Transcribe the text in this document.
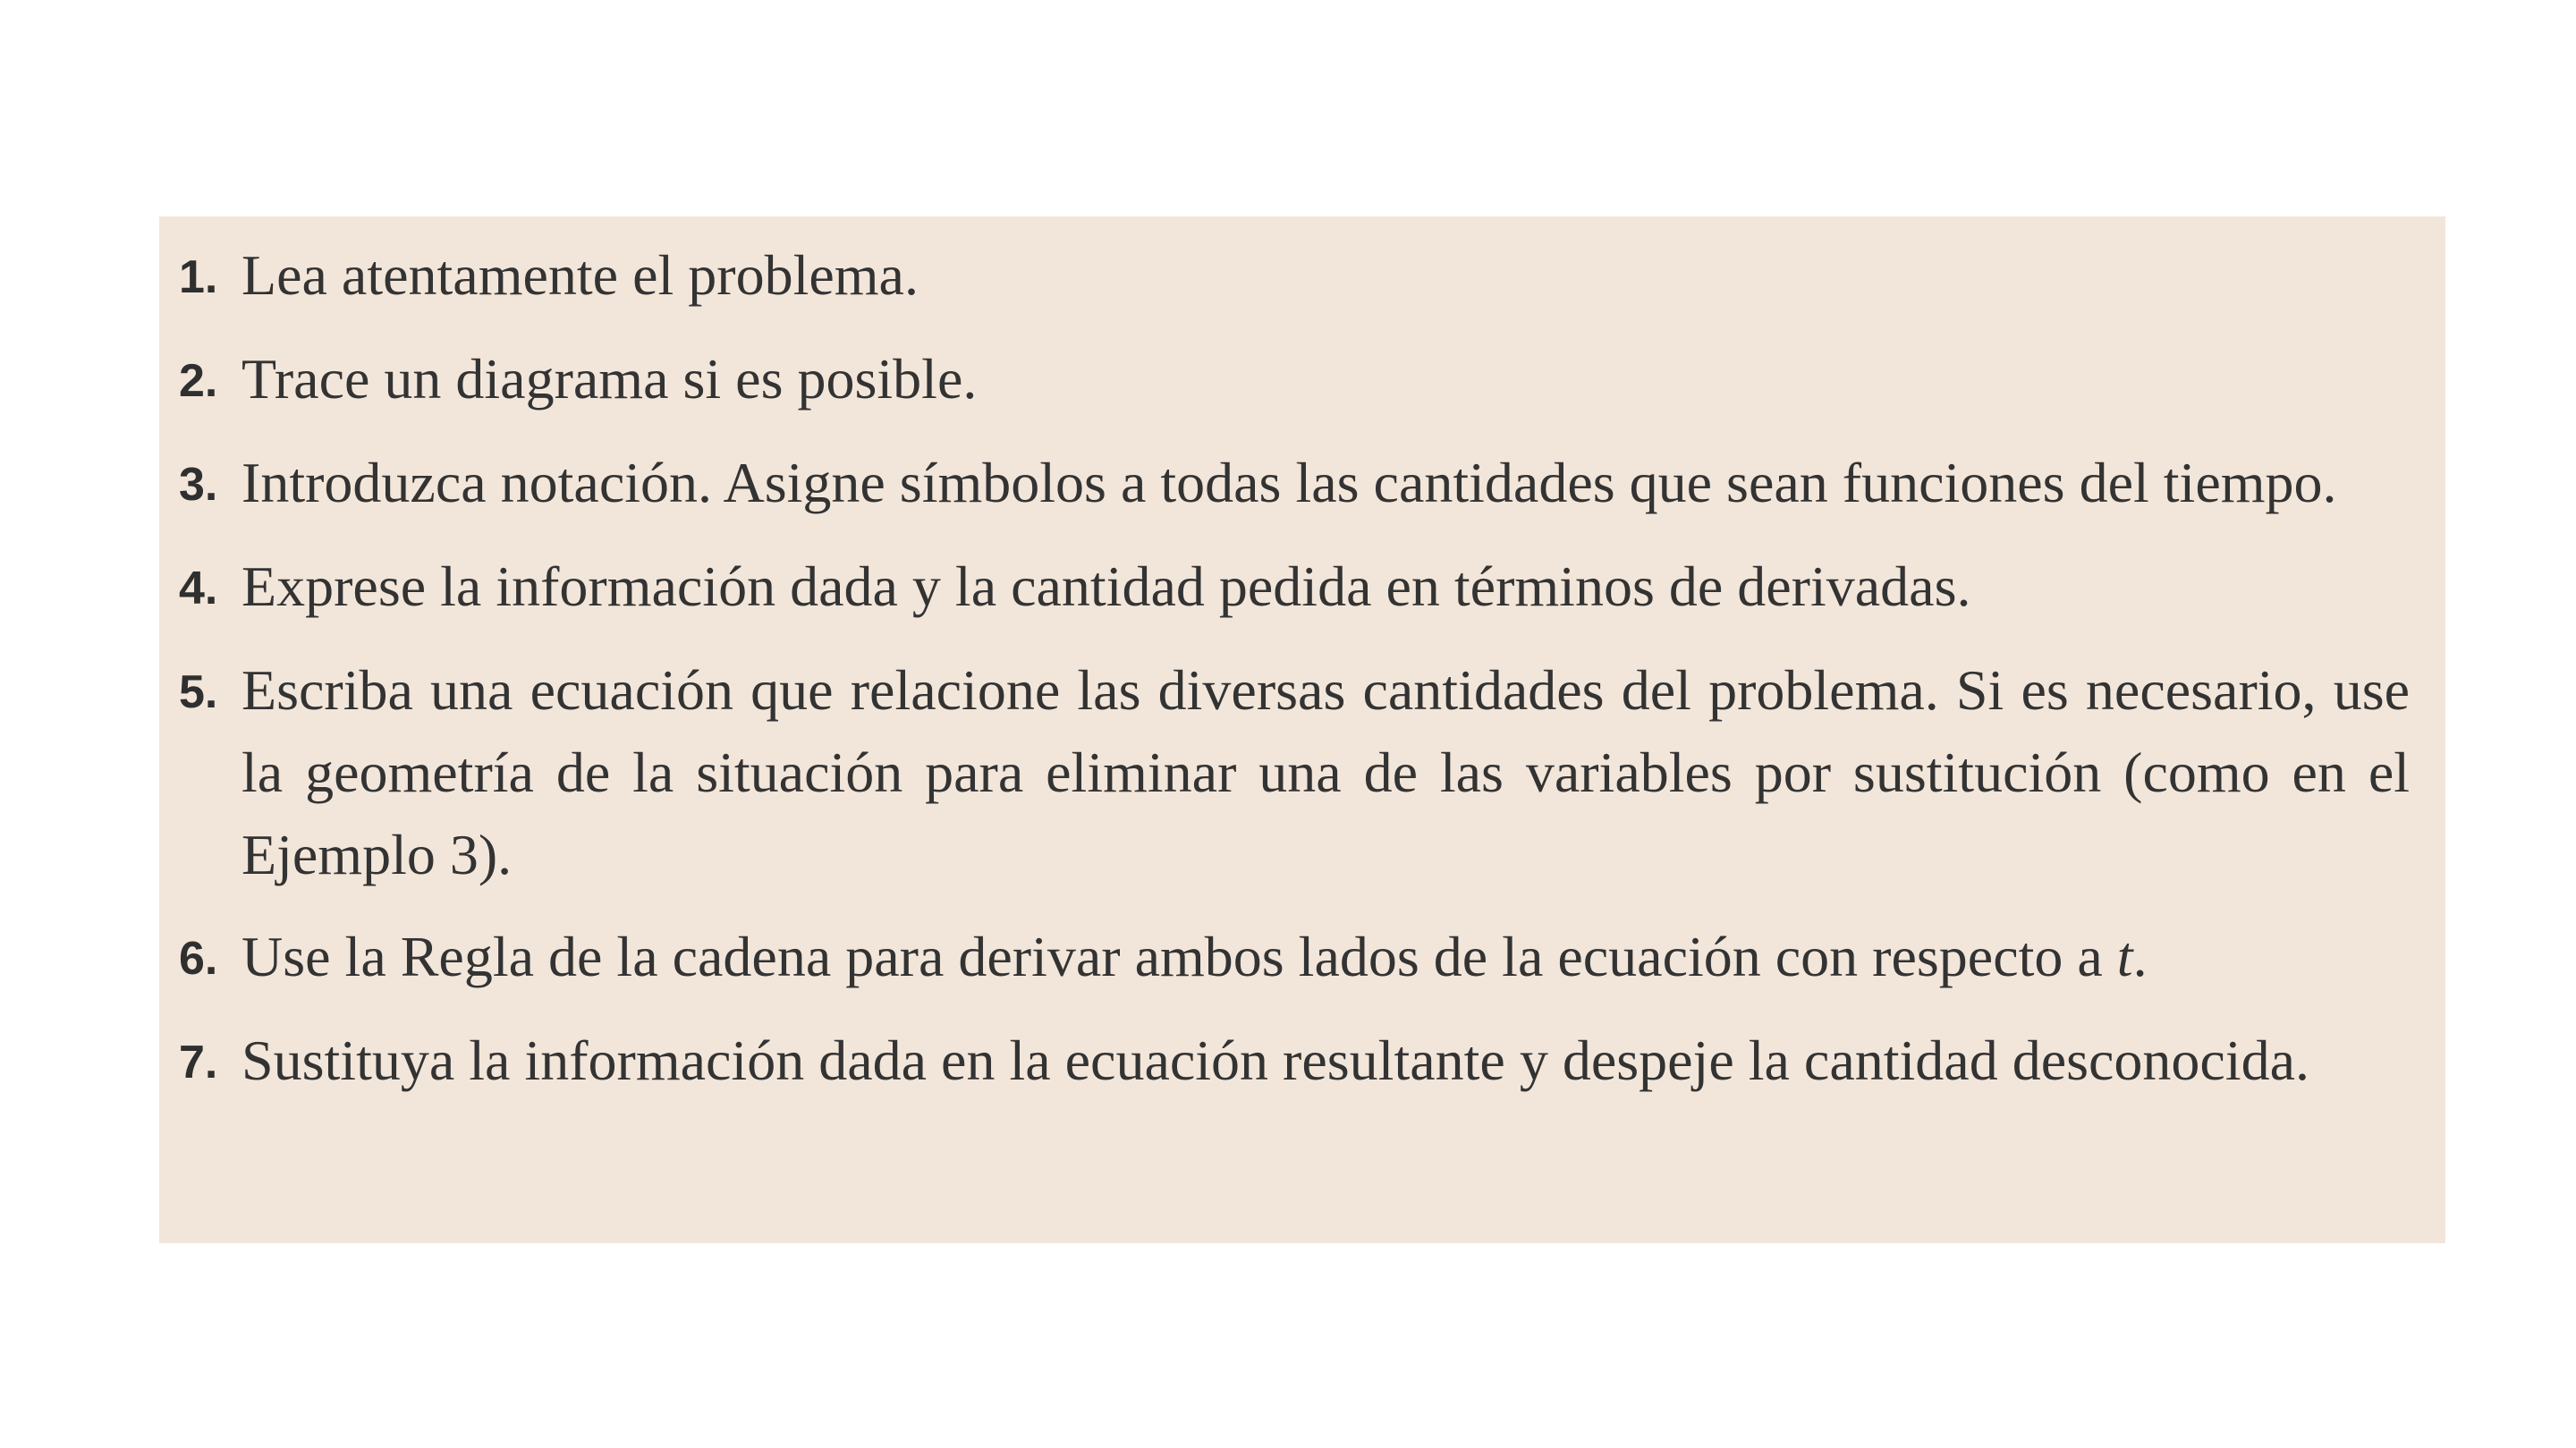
1. Lea atentamente el problema.
2. Trace un diagrama si es posible.
3. Introduzca notación. Asigne símbolos a todas las cantidades que sean funciones del tiempo.
4. Exprese la información dada y la cantidad pedida en términos de derivadas.
5. Escriba una ecuación que relacione las diversas cantidades del problema. Si es necesario, use la geometría de la situación para eliminar una de las variables por sustitución (como en el Ejemplo 3).
6. Use la Regla de la cadena para derivar ambos lados de la ecuación con respecto a t.
7. Sustituya la información dada en la ecuación resultante y despeje la cantidad desconocida.
